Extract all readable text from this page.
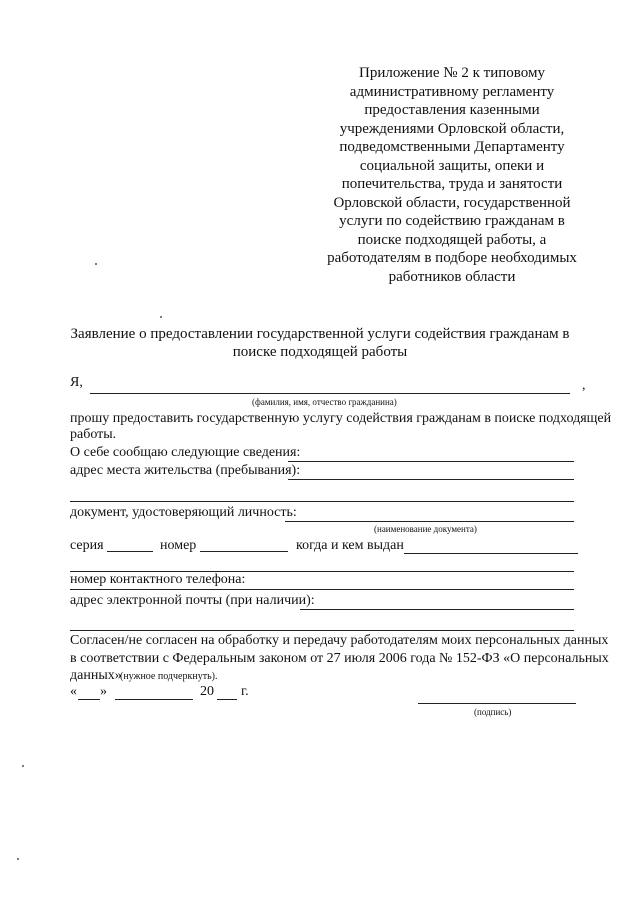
Приложение № 2 к типовому
административному регламенту
предоставления казенными
учреждениями Орловской области,
подведомственными Департаменту
социальной защиты, опеки и
попечительства, труда и занятости
Орловской области, государственной
услуги по содействию гражданам в
поиске подходящей работы, а
работодателям в подборе необходимых
работников области
Заявление о предоставлении государственной услуги содействия гражданам в
поиске подходящей работы
Я,	,
(фамилия, имя, отчество гражданина)
прошу предоставить государственную услугу содействия гражданам в поиске подходящей
работы.
О себе сообщаю следующие сведения:
адрес места жительства (пребывания):
документ, удостоверяющий личность:
(наименование документа)
серия	номер	когда и кем выдан
номер контактного телефона:
адрес электронной почты (при наличии):
Согласен/не согласен на обработку и передачу работодателям моих персональных данных
в соответствии с Федеральным законом от 27 июля 2006 года № 152-ФЗ «О персональных
данных»
(нужное подчеркнуть).
« »	20 г.
(подпись)
